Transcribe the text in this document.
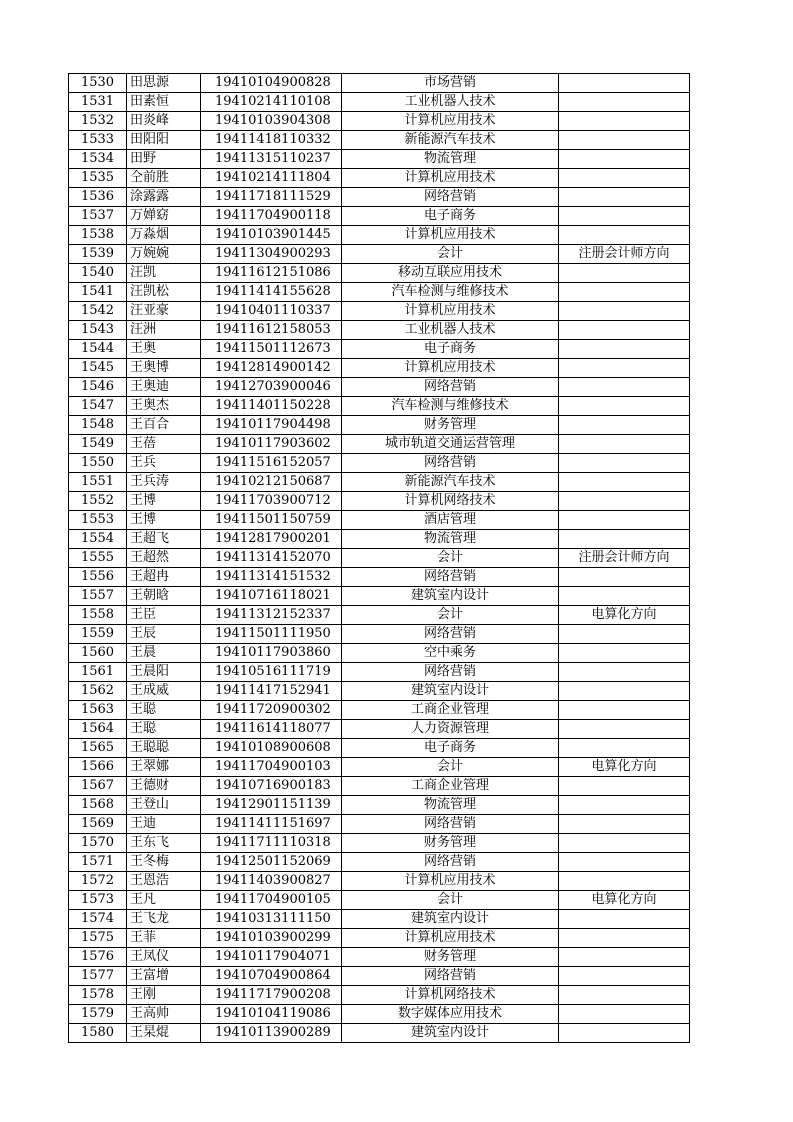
1530	田思源	19410104900828	市场营销	
1531	田素恒	19410214110108	工业机器人技术	
1532	田炎峰	19410103904308	计算机应用技术	
1533	田阳阳	19411418110332	新能源汽车技术	
1534	田野	19411315110237	物流管理	
1535	仝前胜	19410214111804	计算机应用技术	
1536	涂露露	19411718111529	网络营销	
1537	万婵窈	19411704900118	电子商务	
1538	万淼烟	19410103901445	计算机应用技术	
1539	万婉婉	19411304900293	会计	注册会计师方向
1540	汪凯	19411612151086	移动互联应用技术	
1541	汪凯松	19411414155628	汽车检测与维修技术	
1542	汪亚豪	19410401110337	计算机应用技术	
1543	汪洲	19411612158053	工业机器人技术	
1544	王奥	19411501112673	电子商务	
1545	王奥博	19412814900142	计算机应用技术	
1546	王奥迪	19412703900046	网络营销	
1547	王奥杰	19411401150228	汽车检测与维修技术	
1548	王百合	19410117904498	财务管理	
1549	王蓓	19410117903602	城市轨道交通运营管理	
1550	王兵	19411516152057	网络营销	
1551	王兵涛	19410212150687	新能源汽车技术	
1552	王博	19411703900712	计算机网络技术	
1553	王博	19411501150759	酒店管理	
1554	王超飞	19412817900201	物流管理	
1555	王超然	19411314152070	会计	注册会计师方向
1556	王超冉	19411314151532	网络营销	
1557	王朝晗	19410716118021	建筑室内设计	
1558	王臣	19411312152337	会计	电算化方向
1559	王辰	19411501111950	网络营销	
1560	王晨	19410117903860	空中乘务	
1561	王晨阳	19410516111719	网络营销	
1562	王成威	19411417152941	建筑室内设计	
1563	王聪	19411720900302	工商企业管理	
1564	王聪	19411614118077	人力资源管理	
1565	王聪聪	19410108900608	电子商务	
1566	王翠娜	19411704900103	会计	电算化方向
1567	王德财	19410716900183	工商企业管理	
1568	王登山	19412901151139	物流管理	
1569	王迪	19411411151697	网络营销	
1570	王东飞	19411711110318	财务管理	
1571	王冬梅	19412501152069	网络营销	
1572	王恩浩	19411403900827	计算机应用技术	
1573	王凡	19411704900105	会计	电算化方向
1574	王飞龙	19410313111150	建筑室内设计	
1575	王菲	19410103900299	计算机应用技术	
1576	王凤仪	19410117904071	财务管理	
1577	王富增	19410704900864	网络营销	
1578	王刚	19411717900208	计算机网络技术	
1579	王高帅	19410104119086	数字媒体应用技术	
1580	王杲焜	19410113900289	建筑室内设计	
